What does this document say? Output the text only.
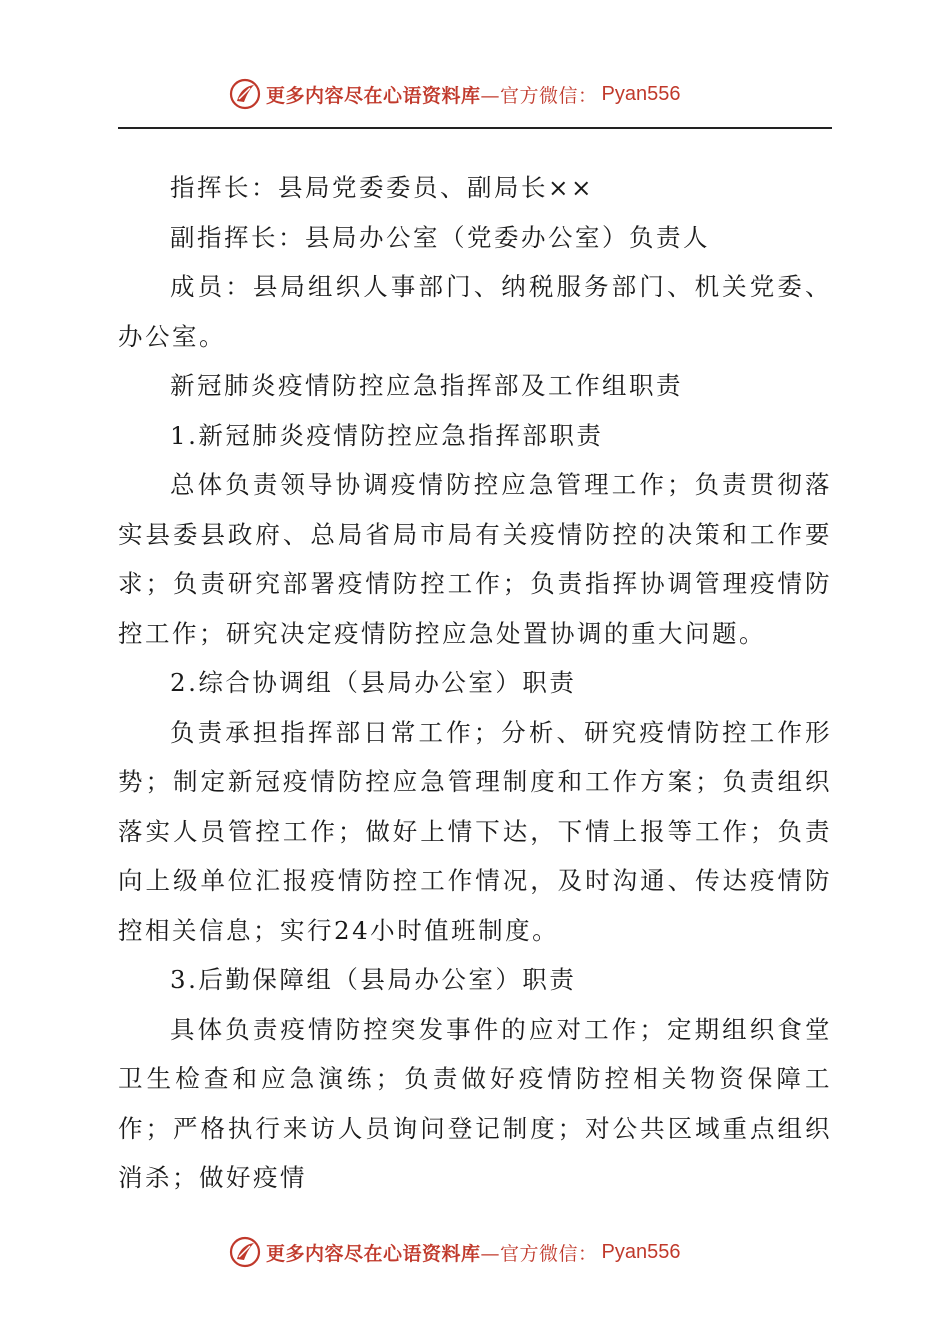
更多内容尽在心语资料库 —官方微信： Pyan556

指挥长：县局党委委员、副局长××

副指挥长：县局办公室（党委办公室）负责人

成员：县局组织人事部门、纳税服务部门、机关党委、办公室。

新冠肺炎疫情防控应急指挥部及工作组职责

1.新冠肺炎疫情防控应急指挥部职责

总体负责领导协调疫情防控应急管理工作；负责贯彻落实县委县政府、总局省局市局有关疫情防控的决策和工作要求；负责研究部署疫情防控工作；负责指挥协调管理疫情防控工作；研究决定疫情防控应急处置协调的重大问题。

2.综合协调组（县局办公室）职责

负责承担指挥部日常工作；分析、研究疫情防控工作形势；制定新冠疫情防控应急管理制度和工作方案；负责组织落实人员管控工作；做好上情下达，下情上报等工作；负责向上级单位汇报疫情防控工作情况，及时沟通、传达疫情防控相关信息；实行24小时值班制度。

3.后勤保障组（县局办公室）职责

具体负责疫情防控突发事件的应对工作；定期组织食堂卫生检查和应急演练；负责做好疫情防控相关物资保障工作；严格执行来访人员询问登记制度；对公共区域重点组织消杀；做好疫情

更多内容尽在心语资料库 —官方微信： Pyan556
